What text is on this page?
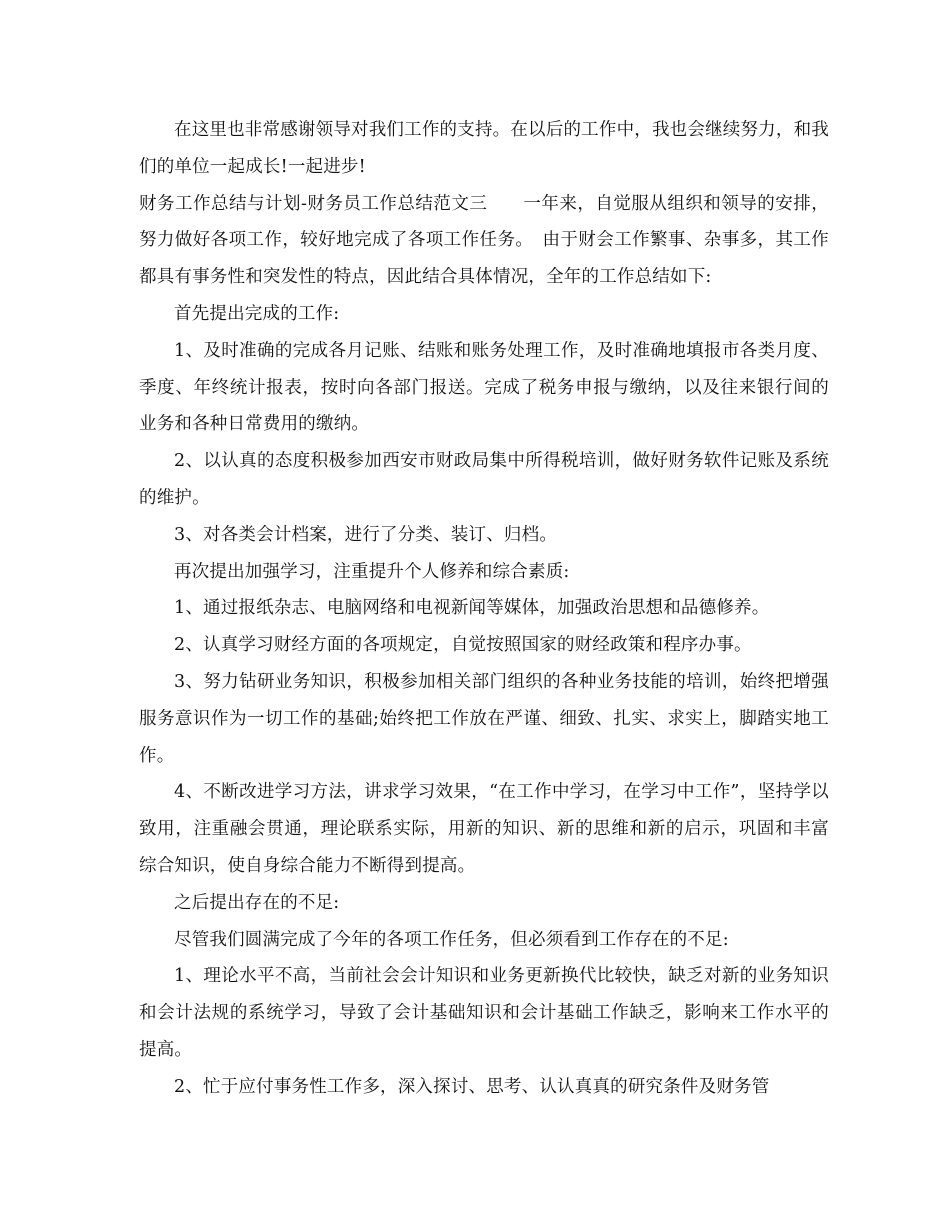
在这里也非常感谢领导对我们工作的支持。在以后的工作中，我也会继续努力，和我们的单位一起成长!一起进步!

财务工作总结与计划-财务员工作总结范文三　　一年来，自觉服从组织和领导的安排，努力做好各项工作，较好地完成了各项工作任务。　由于财会工作繁事、杂事多，其工作都具有事务性和突发性的特点，因此结合具体情况，全年的工作总结如下:

首先提出完成的工作:

1、及时准确的完成各月记账、结账和账务处理工作，及时准确地填报市各类月度、季度、年终统计报表，按时向各部门报送。完成了税务申报与缴纳，以及往来银行间的业务和各种日常费用的缴纳。

2、以认真的态度积极参加西安市财政局集中所得税培训，做好财务软件记账及系统的维护。

3、对各类会计档案，进行了分类、装订、归档。

再次提出加强学习，注重提升个人修养和综合素质:

1、通过报纸杂志、电脑网络和电视新闻等媒体，加强政治思想和品德修养。

2、认真学习财经方面的各项规定，自觉按照国家的财经政策和程序办事。

3、努力钻研业务知识，积极参加相关部门组织的各种业务技能的培训，始终把增强服务意识作为一切工作的基础;始终把工作放在严谨、细致、扎实、求实上，脚踏实地工作。

4、不断改进学习方法，讲求学习效果，“在工作中学习，在学习中工作”，坚持学以致用，注重融会贯通，理论联系实际，用新的知识、新的思维和新的启示，巩固和丰富综合知识，使自身综合能力不断得到提高。

之后提出存在的不足:

尽管我们圆满完成了今年的各项工作任务，但必须看到工作存在的不足:

1、理论水平不高，当前社会会计知识和业务更新换代比较快，缺乏对新的业务知识和会计法规的系统学习，导致了会计基础知识和会计基础工作缺乏，影响来工作水平的提高。

2、忙于应付事务性工作多，深入探讨、思考、认认真真的研究条件及财务管
